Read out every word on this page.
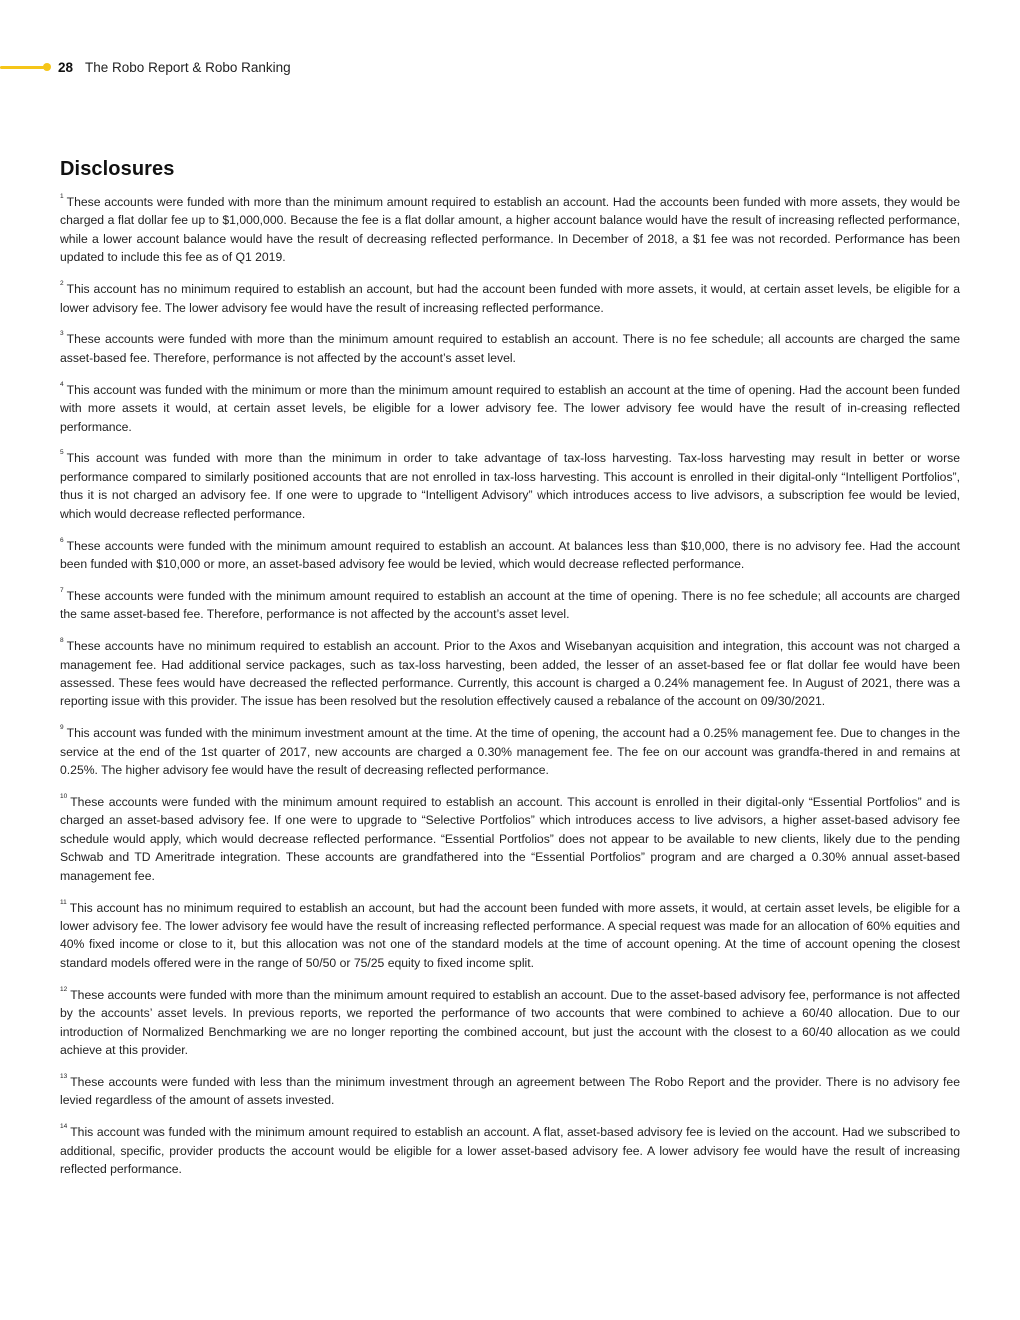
28 The Robo Report & Robo Ranking
Disclosures

$^1$ These accounts were funded with more than the minimum amount required to establish an account. Had the accounts been funded with more assets, they would be charged a flat dollar fee up to $1,000,000. Because the fee is a flat dollar amount, a higher account balance would have the result of increasing reflected performance, while a lower account balance would have the result of decreasing reflected performance. In December of 2018, a $1 fee was not recorded. Performance has been updated to include this fee as of Q1 2019.

$^2$ This account has no minimum required to establish an account, but had the account been funded with more assets, it would, at certain asset levels, be eligible for a lower advisory fee. The lower advisory fee would have the result of increasing reflected performance.

$^3$ These accounts were funded with more than the minimum amount required to establish an account. There is no fee schedule; all accounts are charged the same asset-based fee. Therefore, performance is not affected by the account’s asset level.

$^4$ This account was funded with the minimum or more than the minimum amount required to establish an account at the time of opening. Had the account been funded with more assets it would, at certain asset levels, be eligible for a lower advisory fee. The lower advisory fee would have the result of in-creasing reflected performance.

$^5$ This account was funded with more than the minimum in order to take advantage of tax-loss harvesting. Tax-loss harvesting may result in better or worse performance compared to similarly positioned accounts that are not enrolled in tax-loss harvesting. This account is enrolled in their digital-only “Intelligent Portfolios”, thus it is not charged an advisory fee. If one were to upgrade to “Intelligent Advisory” which introduces access to live advisors, a subscription fee would be levied, which would decrease reflected performance.

$^6$ These accounts were funded with the minimum amount required to establish an account. At balances less than $10,000, there is no advisory fee. Had the account been funded with $10,000 or more, an asset-based advisory fee would be levied, which would decrease reflected performance.

$^7$ These accounts were funded with the minimum amount required to establish an account at the time of opening. There is no fee schedule; all accounts are charged the same asset-based fee. Therefore, performance is not affected by the account’s asset level.

$^8$ These accounts have no minimum required to establish an account. Prior to the Axos and Wisebanyan acquisition and integration, this account was not charged a management fee. Had additional service packages, such as tax-loss harvesting, been added, the lesser of an asset-based fee or flat dollar fee would have been assessed. These fees would have decreased the reflected performance. Currently, this account is charged a 0.24% management fee. In August of 2021, there was a reporting issue with this provider. The issue has been resolved but the resolution effectively caused a rebalance of the account on 09/30/2021.

$^9$ This account was funded with the minimum investment amount at the time. At the time of opening, the account had a 0.25% management fee. Due to changes in the service at the end of the 1st quarter of 2017, new accounts are charged a 0.30% management fee. The fee on our account was grandfa-thered in and remains at 0.25%. The higher advisory fee would have the result of decreasing reflected performance.

$^{10}$ These accounts were funded with the minimum amount required to establish an account. This account is enrolled in their digital-only “Essential Portfolios” and is charged an asset-based advisory fee. If one were to upgrade to “Selective Portfolios” which introduces access to live advisors, a higher asset-based advisory fee schedule would apply, which would decrease reflected performance. “Essential Portfolios” does not appear to be available to new clients, likely due to the pending Schwab and TD Ameritrade integration. These accounts are grandfathered into the “Essential Portfolios” program and are charged a 0.30% annual asset-based management fee.

$^{11}$ This account has no minimum required to establish an account, but had the account been funded with more assets, it would, at certain asset levels, be eligible for a lower advisory fee. The lower advisory fee would have the result of increasing reflected performance. A special request was made for an allocation of 60% equities and 40% fixed income or close to it, but this allocation was not one of the standard models at the time of account opening. At the time of account opening the closest standard models offered were in the range of 50/50 or 75/25 equity to fixed income split.

$^{12}$ These accounts were funded with more than the minimum amount required to establish an account. Due to the asset-based advisory fee, performance is not affected by the accounts’ asset levels. In previous reports, we reported the performance of two accounts that were combined to achieve a 60/40 allocation. Due to our introduction of Normalized Benchmarking we are no longer reporting the combined account, but just the account with the closest to a 60/40 allocation as we could achieve at this provider.

$^{13}$ These accounts were funded with less than the minimum investment through an agreement between The Robo Report and the provider. There is no advisory fee levied regardless of the amount of assets invested.

$^{14}$ This account was funded with the minimum amount required to establish an account. A flat, asset-based advisory fee is levied on the account. Had we subscribed to additional, specific, provider products the account would be eligible for a lower asset-based advisory fee. A lower advisory fee would have the result of increasing reflected performance.
